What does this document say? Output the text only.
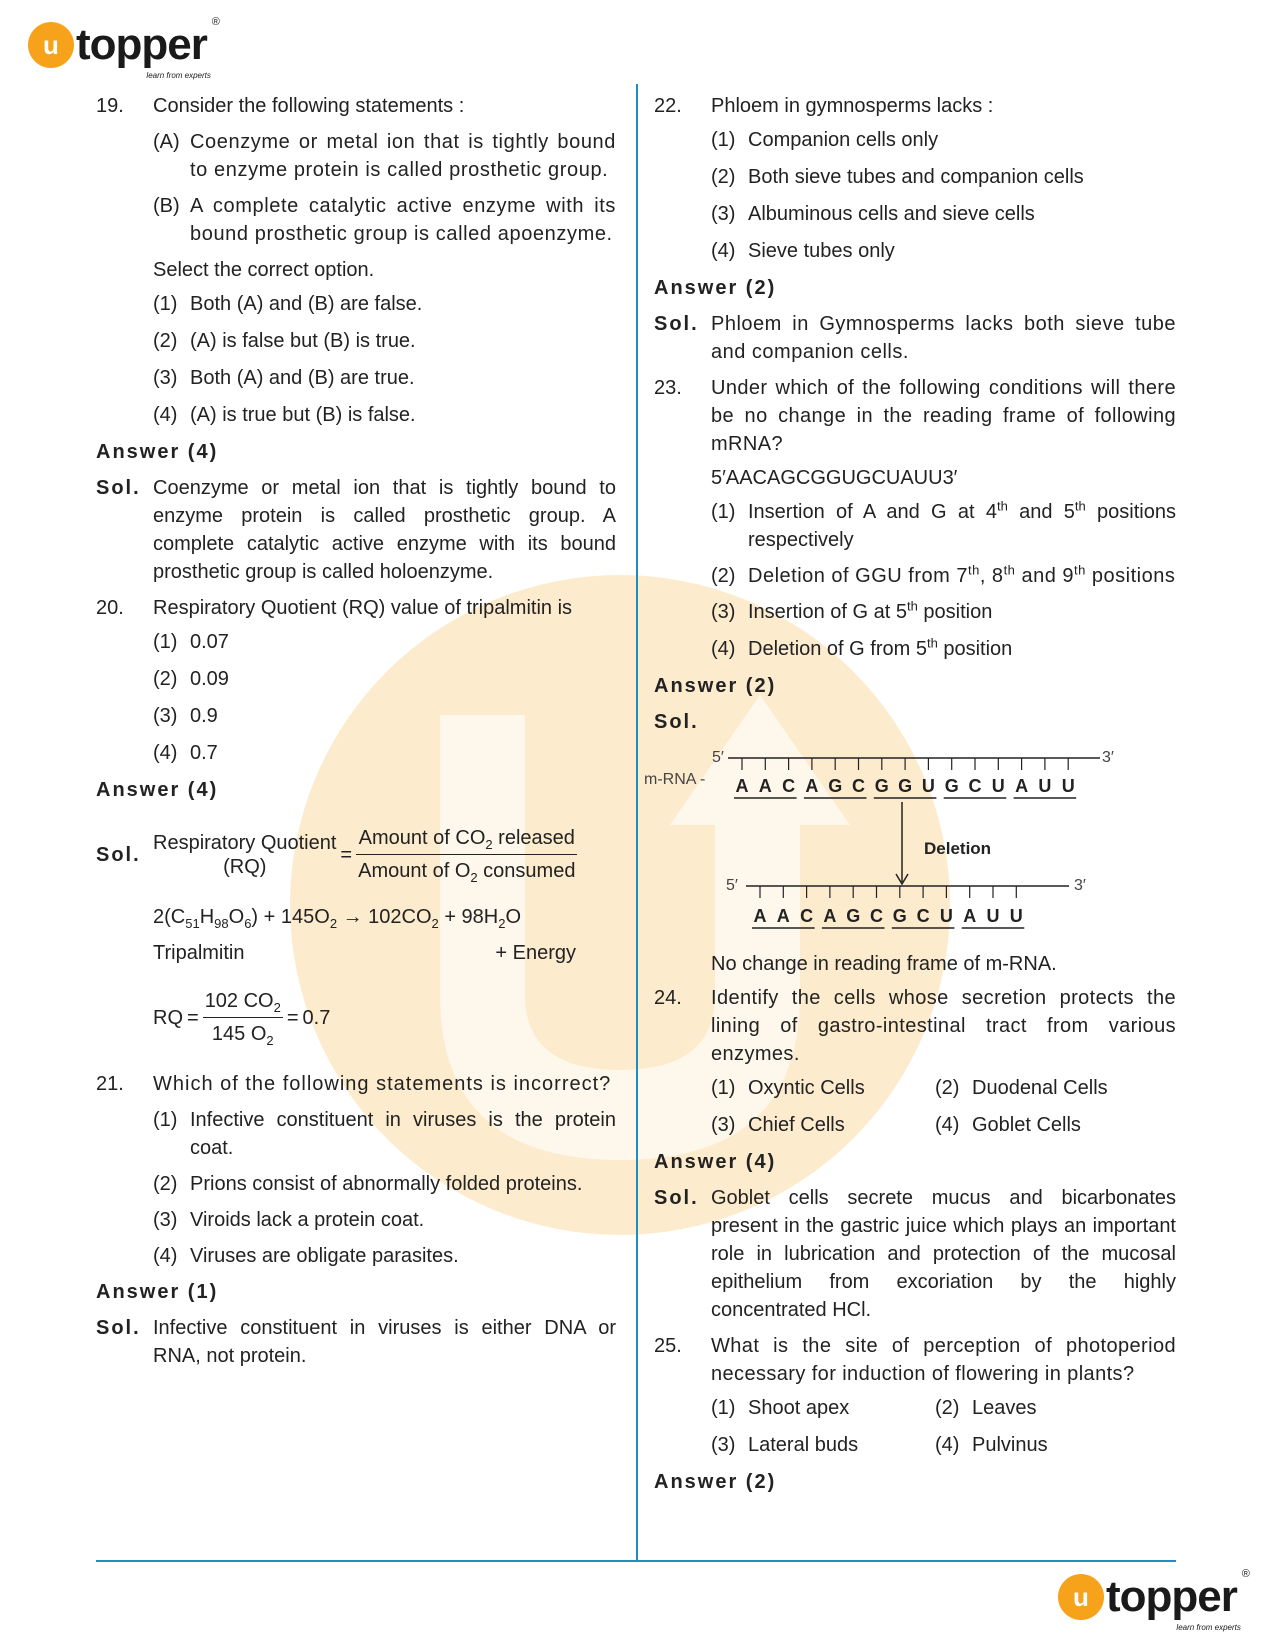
u topper ®
learn from experts
u topper ®
learn from experts
19.	Consider the following statements :
(A) Coenzyme or metal ion that is tightly bound to enzyme protein is called prosthetic group.
(B) A complete catalytic active enzyme with its bound prosthetic group is called apoenzyme.
Select the correct option.
(1) Both (A) and (B) are false.
(2) (A) is false but (B) is true.
(3) Both (A) and (B) are true.
(4) (A) is true but (B) is false.
Answer (4)
Sol. Coenzyme or metal ion that is tightly bound to enzyme protein is called prosthetic group. A complete catalytic active enzyme with its bound prosthetic group is called holoenzyme.
20.	Respiratory Quotient (RQ) value of tripalmitin is
(1) 0.07
(2) 0.09
(3) 0.9
(4) 0.7
Answer (4)
Sol.
Respiratory Quotient
(RQ)
= $\frac{Amount of CO_2 released}{Amount of O_2 consumed}$
$2(C_{51}H_{98}O_6) + 145O_2 \to 102CO_2 + 98H_2O$
Tripalmitin	+ Energy
RQ = $\frac{102 CO_2}{145 O_2} = 0.7$
21.	Which of the following statements is incorrect?
(1) Infective constituent in viruses is the protein coat.
(2) Prions consist of abnormally folded proteins.
(3) Viroids lack a protein coat.
(4) Viruses are obligate parasites.
Answer (1)
Sol. Infective constituent in viruses is either DNA or RNA, not protein.
22.	Phloem in gymnosperms lacks :
(1) Companion cells only
(2) Both sieve tubes and companion cells
(3) Albuminous cells and sieve cells
(4) Sieve tubes only
Answer (2)
Sol. Phloem in Gymnosperms lacks both sieve tube and companion cells.
23.	Under which of the following conditions will there be no change in the reading frame of following mRNA?
5′AACAGCGGUGCUAUU3′
(1) Insertion of A and G at 4th and 5th positions respectively
(2) Deletion of GGU from 7th, 8th and 9th positions
(3) Insertion of G at 5th position
(4) Deletion of G from 5th position
Answer (2)
Sol.
5′	3′
m-RNA -
Deletion
5′	3′
A A C A G C G G U G C U A U U
A A C A G C G C U A U U
No change in reading frame of m-RNA.
24.	Identify the cells whose secretion protects the lining of gastro-intestinal tract from various enzymes.
(1) Oxyntic Cells	(2) Duodenal Cells
(3) Chief Cells	(4) Goblet Cells
Answer (4)
Sol. Goblet cells secrete mucus and bicarbonates present in the gastric juice which plays an important role in lubrication and protection of the mucosal epithelium from excoriation by the highly concentrated HCl.
25.	What is the site of perception of photoperiod necessary for induction of flowering in plants?
(1) Shoot apex	(2) Leaves
(3) Lateral buds	(4) Pulvinus
Answer (2)
